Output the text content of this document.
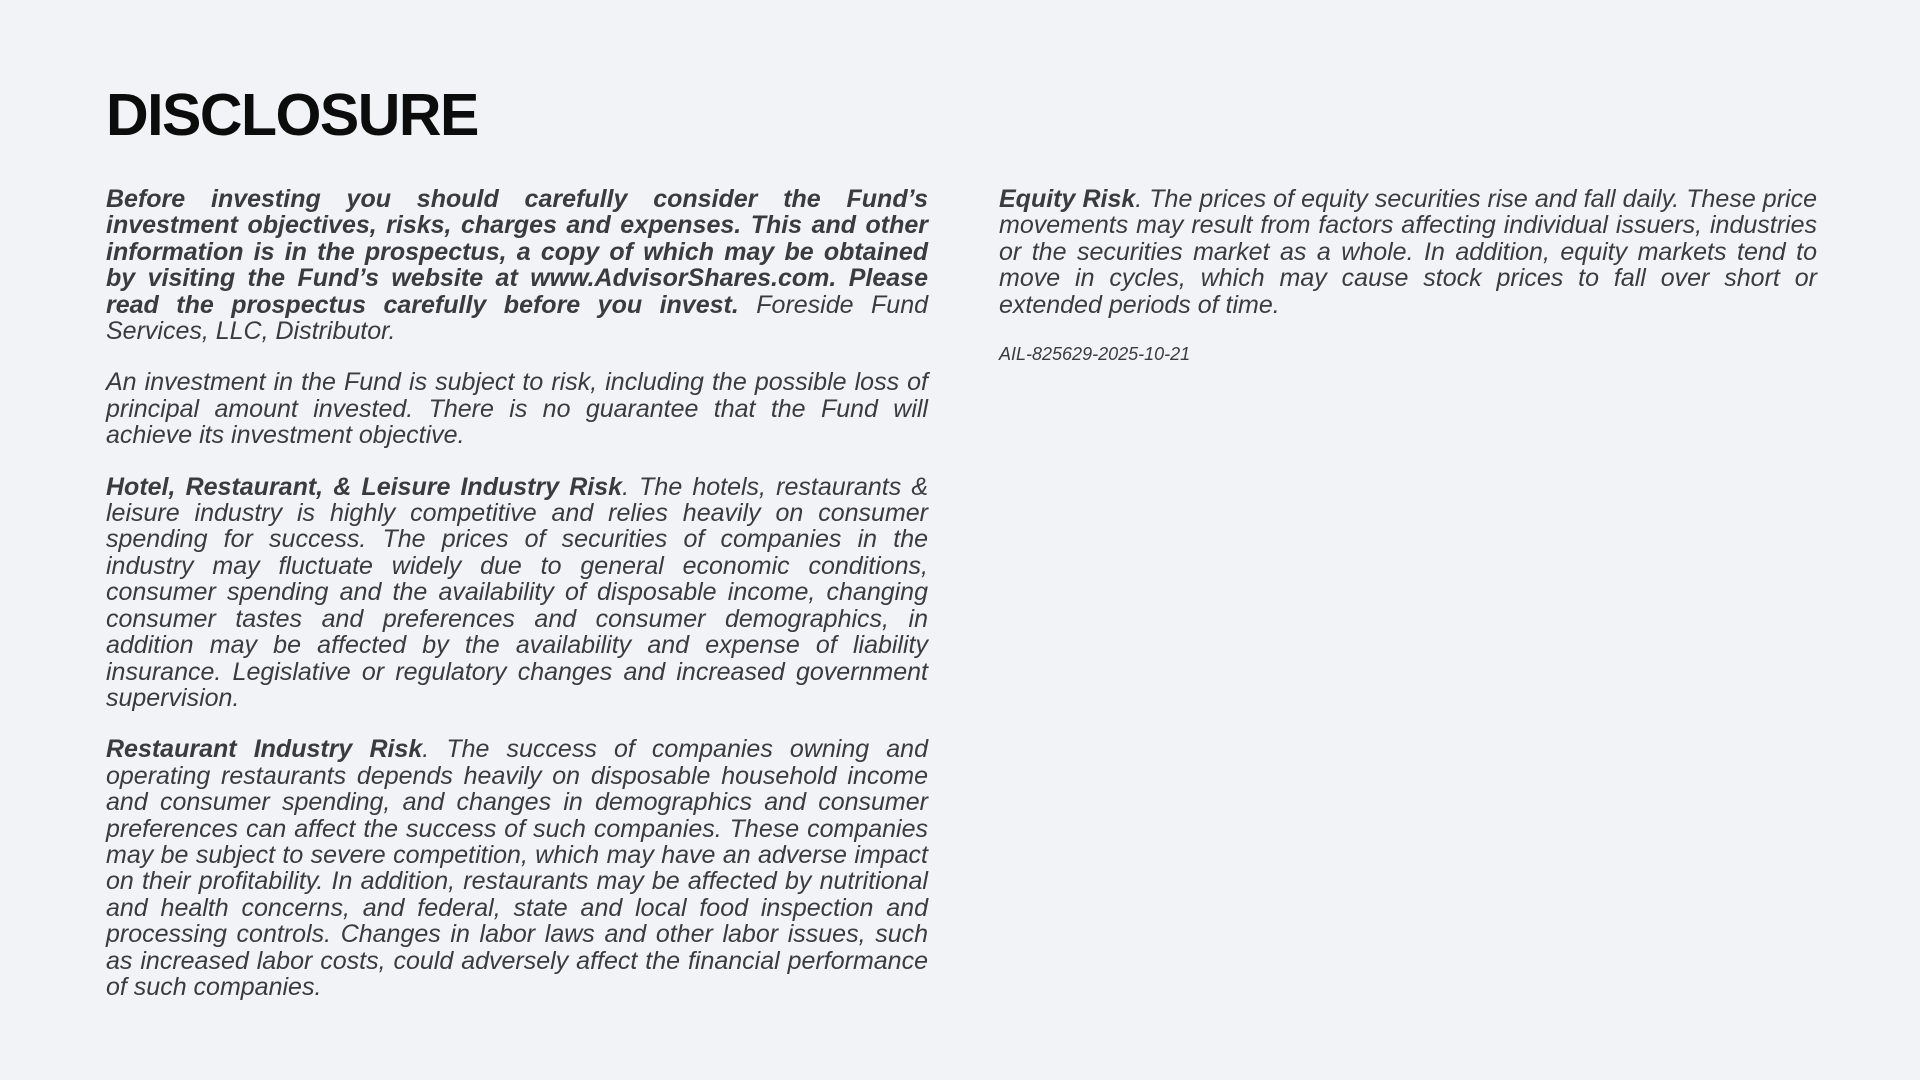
DISCLOSURE

Before investing you should carefully consider the Fund’s investment objectives, risks, charges and expenses. This and other information is in the prospectus, a copy of which may be obtained by visiting the Fund’s website at www.AdvisorShares.com. Please read the prospectus carefully before you invest. Foreside Fund Services, LLC, Distributor.

An investment in the Fund is subject to risk, including the possible loss of principal amount invested. There is no guarantee that the Fund will achieve its investment objective.

Hotel, Restaurant, & Leisure Industry Risk. The hotels, restaurants & leisure industry is highly competitive and relies heavily on consumer spending for success. The prices of securities of companies in the industry may fluctuate widely due to general economic conditions, consumer spending and the availability of disposable income, changing consumer tastes and preferences and consumer demographics, in addition may be affected by the availability and expense of liability insurance. Legislative or regulatory changes and increased government supervision.

Restaurant Industry Risk. The success of companies owning and operating restaurants depends heavily on disposable household income and consumer spending, and changes in demographics and consumer preferences can affect the success of such companies. These companies may be subject to severe competition, which may have an adverse impact on their profitability. In addition, restaurants may be affected by nutritional and health concerns, and federal, state and local food inspection and processing controls. Changes in labor laws and other labor issues, such as increased labor costs, could adversely affect the financial performance of such companies.

Equity Risk. The prices of equity securities rise and fall daily. These price movements may result from factors affecting individual issuers, industries or the securities market as a whole. In addition, equity markets tend to move in cycles, which may cause stock prices to fall over short or extended periods of time.

AIL-825629-2025-10-21
